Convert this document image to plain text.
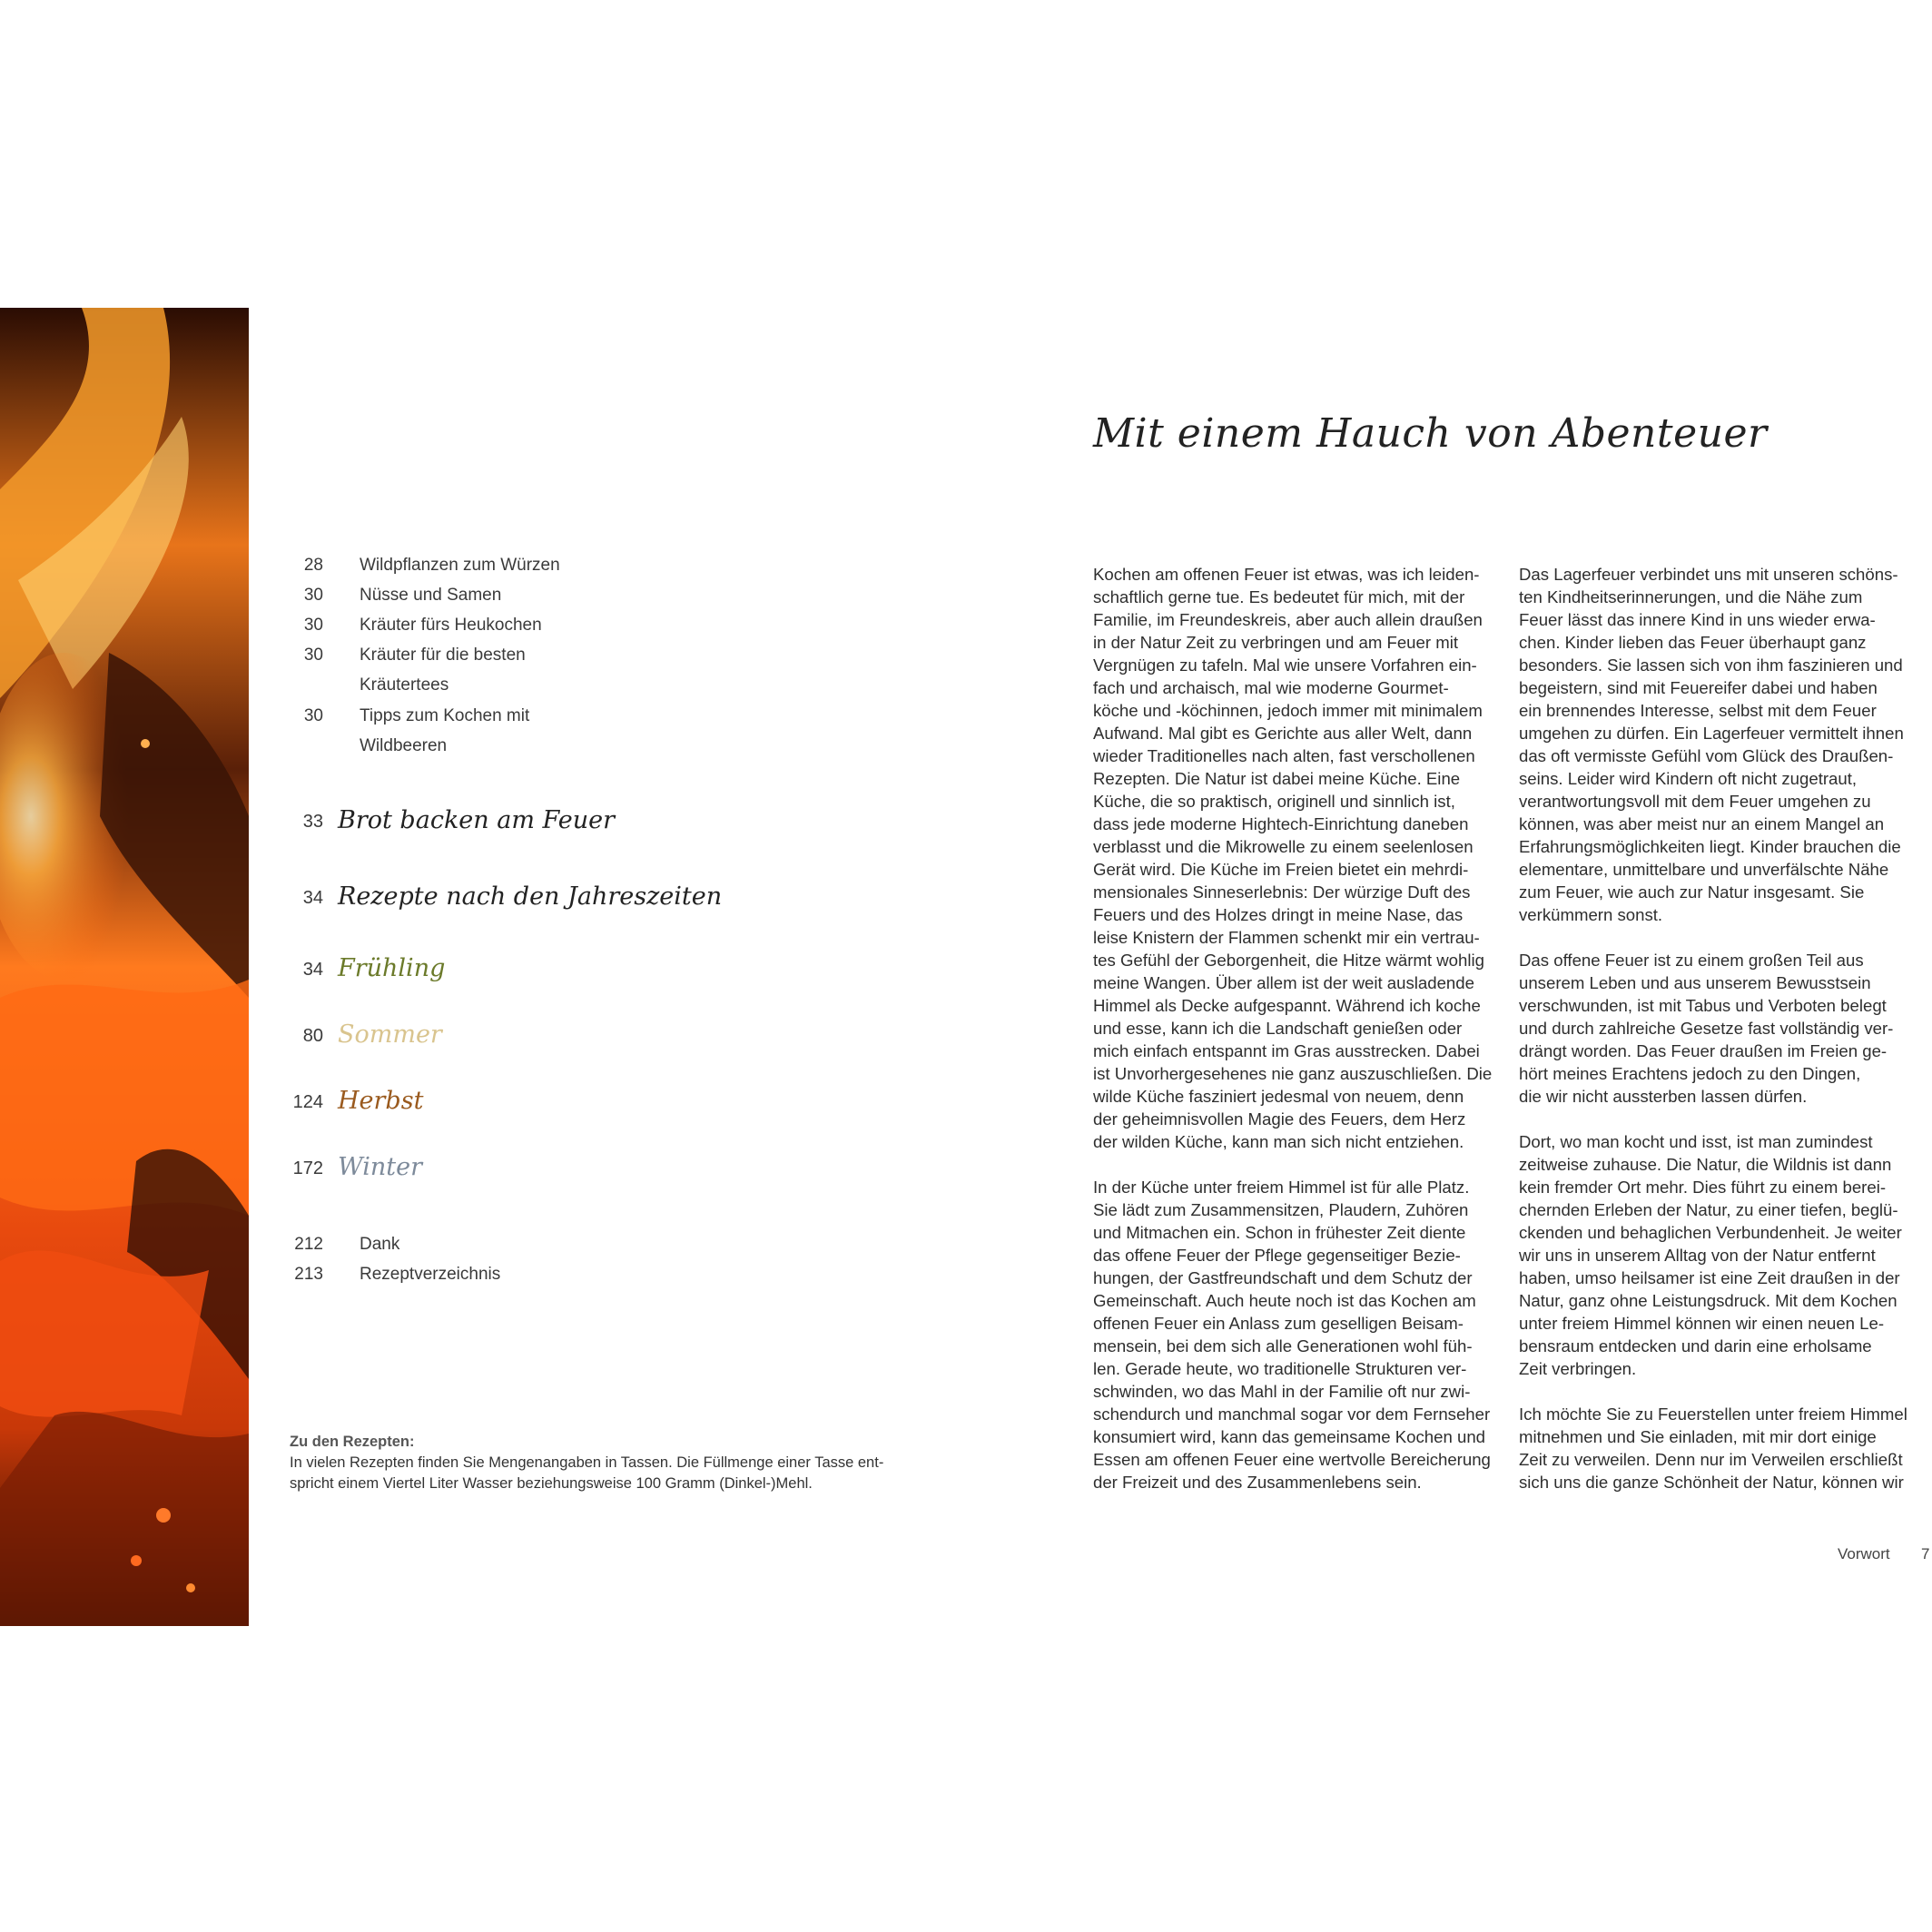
28 Wildpflanzen zum Würzen
30 Nüsse und Samen
30 Kräuter fürs Heukochen
30 Kräuter für die besten
Kräutertees
30 Tipps zum Kochen mit
Wildbeeren
33 Brot backen am Feuer
34 Rezepte nach den Jahreszeiten
34 Frühling
80 Sommer
124 Herbst
172 Winter
212 Dank
213 Rezeptverzeichnis
Zu den Rezepten:
In vielen Rezepten finden Sie Mengenangaben in Tassen. Die Füllmenge einer Tasse ent-
spricht einem Viertel Liter Wasser beziehungsweise 100 Gramm (Dinkel-)Mehl.
Mit einem Hauch von Abenteuer

Kochen am offenen Feuer ist etwas, was ich leiden-
schaftlich gerne tue. Es bedeutet für mich, mit der
Familie, im Freundeskreis, aber auch allein draußen
in der Natur Zeit zu verbringen und am Feuer mit
Vergnügen zu tafeln. Mal wie unsere Vorfahren ein-
fach und archaisch, mal wie moderne Gourmet-
köche und -köchinnen, jedoch immer mit minimalem
Aufwand. Mal gibt es Gerichte aus aller Welt, dann
wieder Traditionelles nach alten, fast verschollenen
Rezepten. Die Natur ist dabei meine Küche. Eine
Küche, die so praktisch, originell und sinnlich ist,
dass jede moderne Hightech-Einrichtung daneben
verblasst und die Mikrowelle zu einem seelenlosen
Gerät wird. Die Küche im Freien bietet ein mehrdi-
mensionales Sinneserlebnis: Der würzige Duft des
Feuers und des Holzes dringt in meine Nase, das
leise Knistern der Flammen schenkt mir ein vertrau-
tes Gefühl der Geborgenheit, die Hitze wärmt wohlig
meine Wangen. Über allem ist der weit ausladende
Himmel als Decke aufgespannt. Während ich koche
und esse, kann ich die Landschaft genießen oder
mich einfach entspannt im Gras ausstrecken. Dabei
ist Unvorhergesehenes nie ganz auszuschließen. Die
wilde Küche fasziniert jedesmal von neuem, denn
der geheimnisvollen Magie des Feuers, dem Herz
der wilden Küche, kann man sich nicht entziehen.

In der Küche unter freiem Himmel ist für alle Platz.
Sie lädt zum Zusammensitzen, Plaudern, Zuhören
und Mitmachen ein. Schon in frühester Zeit diente
das offene Feuer der Pflege gegenseitiger Bezie-
hungen, der Gastfreundschaft und dem Schutz der
Gemeinschaft. Auch heute noch ist das Kochen am
offenen Feuer ein Anlass zum geselligen Beisam-
mensein, bei dem sich alle Generationen wohl füh-
len. Gerade heute, wo traditionelle Strukturen ver-
schwinden, wo das Mahl in der Familie oft nur zwi-
schendurch und manchmal sogar vor dem Fernseher
konsumiert wird, kann das gemeinsame Kochen und
Essen am offenen Feuer eine wertvolle Bereicherung
der Freizeit und des Zusammenlebens sein.

Das Lagerfeuer verbindet uns mit unseren schöns-
ten Kindheitserinnerungen, und die Nähe zum
Feuer lässt das innere Kind in uns wieder erwa-
chen. Kinder lieben das Feuer überhaupt ganz
besonders. Sie lassen sich von ihm faszinieren und
begeistern, sind mit Feuereifer dabei und haben
ein brennendes Interesse, selbst mit dem Feuer
umgehen zu dürfen. Ein Lagerfeuer vermittelt ihnen
das oft vermisste Gefühl vom Glück des Draußen-
seins. Leider wird Kindern oft nicht zugetraut,
verantwortungsvoll mit dem Feuer umgehen zu
können, was aber meist nur an einem Mangel an
Erfahrungsmöglichkeiten liegt. Kinder brauchen die
elementare, unmittelbare und unverfälschte Nähe
zum Feuer, wie auch zur Natur insgesamt. Sie
verkümmern sonst.

Das offene Feuer ist zu einem großen Teil aus
unserem Leben und aus unserem Bewusstsein
verschwunden, ist mit Tabus und Verboten belegt
und durch zahlreiche Gesetze fast vollständig ver-
drängt worden. Das Feuer draußen im Freien ge-
hört meines Erachtens jedoch zu den Dingen,
die wir nicht aussterben lassen dürfen.

Dort, wo man kocht und isst, ist man zumindest
zeitweise zuhause. Die Natur, die Wildnis ist dann
kein fremder Ort mehr. Dies führt zu einem berei-
chernden Erleben der Natur, zu einer tiefen, beglü-
ckenden und behaglichen Verbundenheit. Je weiter
wir uns in unserem Alltag von der Natur entfernt
haben, umso heilsamer ist eine Zeit draußen in der
Natur, ganz ohne Leistungsdruck. Mit dem Kochen
unter freiem Himmel können wir einen neuen Le-
bensraum entdecken und darin eine erholsame
Zeit verbringen.

Ich möchte Sie zu Feuerstellen unter freiem Himmel
mitnehmen und Sie einladen, mit mir dort einige
Zeit zu verweilen. Denn nur im Verweilen erschließt
sich uns die ganze Schönheit der Natur, können wir

Vorwort 7
